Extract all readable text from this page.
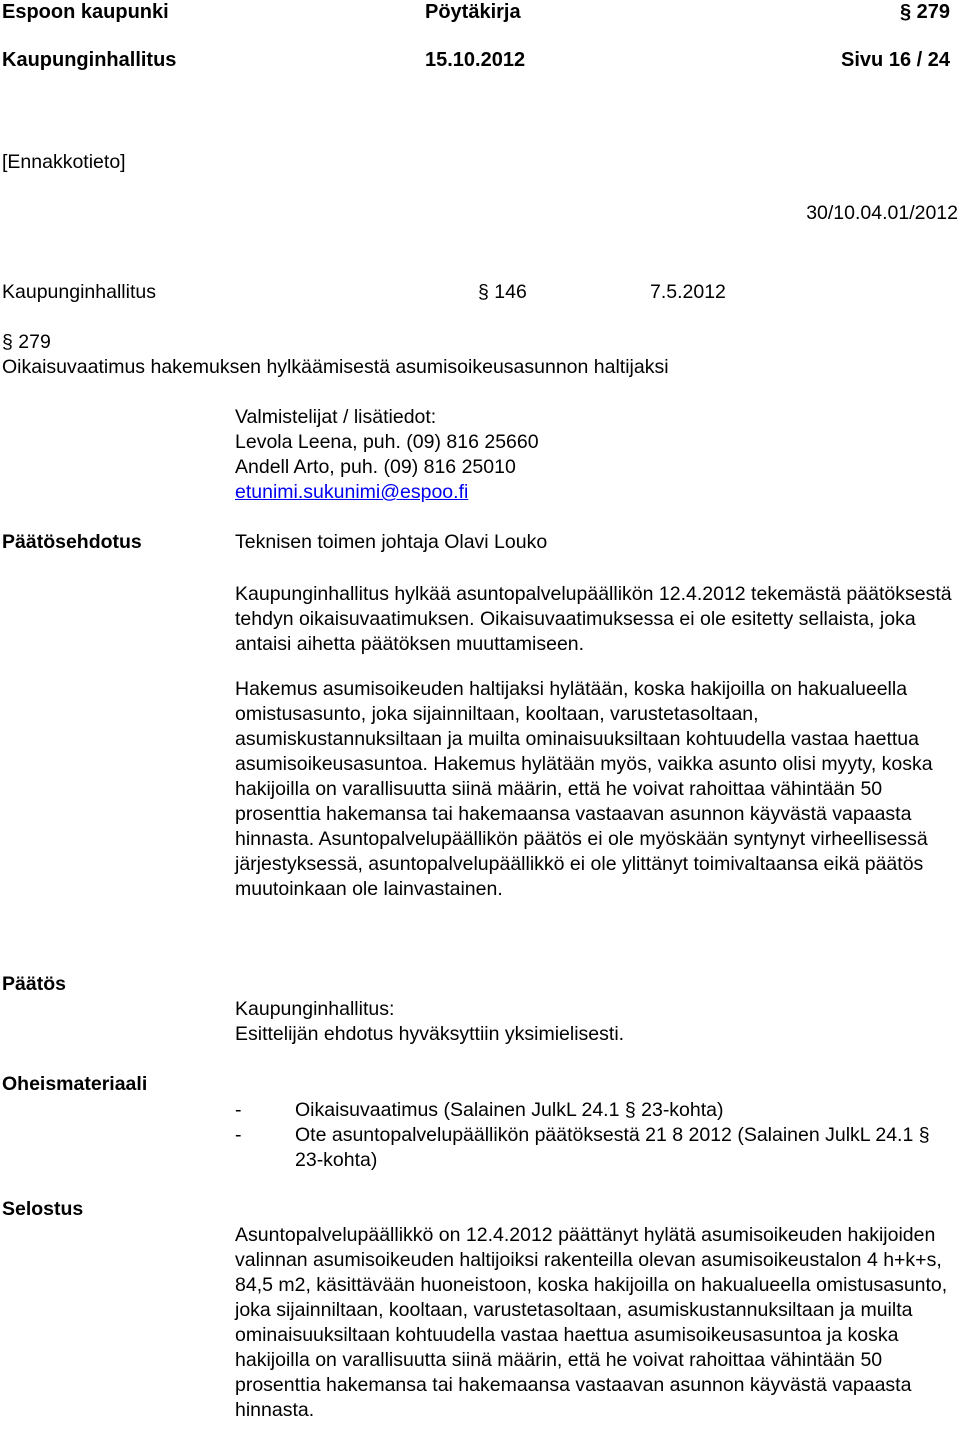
Espoon kaupunki	Pöytäkirja	§ 279
Kaupunginhallitus	15.10.2012	Sivu 16 / 24
[Ennakkotieto]
30/10.04.01/2012
Kaupunginhallitus	§ 146	7.5.2012
§ 279
Oikaisuvaatimus hakemuksen hylkäämisestä asumisoikeusasunnon haltijaksi
Valmistelijat / lisätiedot:
Levola Leena, puh. (09) 816 25660
Andell Arto, puh. (09) 816 25010
etunimi.sukunimi@espoo.fi
Päätösehdotus	Teknisen toimen johtaja Olavi Louko
Kaupunginhallitus hylkää asuntopalvelupäällikön 12.4.2012 tekemästä päätöksestä tehdyn oikaisuvaatimuksen. Oikaisuvaatimuksessa ei ole esitetty sellaista, joka antaisi aihetta päätöksen muuttamiseen.
Hakemus asumisoikeuden haltijaksi hylätään, koska hakijoilla on hakualueella omistusasunto, joka sijainniltaan, kooltaan, varustetasoltaan, asumiskustannuksiltaan ja muilta ominaisuuksiltaan kohtuudella vastaa haettua asumisoikeusasuntoa. Hakemus hylätään myös, vaikka asunto olisi myyty, koska hakijoilla on varallisuutta siinä määrin, että he voivat rahoittaa vähintään 50 prosenttia hakemansa tai hakemaansa vastaavan asunnon käyvästä vapaasta hinnasta. Asuntopalvelupäällikön päätös ei ole myöskään syntynyt virheellisessä järjestyksessä, asuntopalvelupäällikkö ei ole ylittänyt toimivaltaansa eikä päätös muutoinkaan ole lainvastainen.
Päätös
Kaupunginhallitus:
Esittelijän ehdotus hyväksyttiin yksimielisesti.
Oheismateriaali
-	Oikaisuvaatimus (Salainen JulkL 24.1 § 23-kohta)
-	Ote asuntopalvelupäällikön päätöksestä 21 8 2012 (Salainen JulkL 24.1 § 23-kohta)
Selostus
Asuntopalvelupäällikkö on 12.4.2012 päättänyt hylätä asumisoikeuden hakijoiden valinnan asumisoikeuden haltijoiksi rakenteilla olevan asumisoikeustalon 4 h+k+s, 84,5 m2, käsittävään huoneistoon, koska hakijoilla on hakualueella omistusasunto, joka sijainniltaan, kooltaan, varustetasoltaan, asumiskustannuksiltaan ja muilta ominaisuuksiltaan kohtuudella vastaa haettua asumisoikeusasuntoa ja koska hakijoilla on varallisuutta siinä määrin, että he voivat rahoittaa vähintään 50 prosenttia hakemansa tai hakemaansa vastaavan asunnon käyvästä vapaasta hinnasta.
